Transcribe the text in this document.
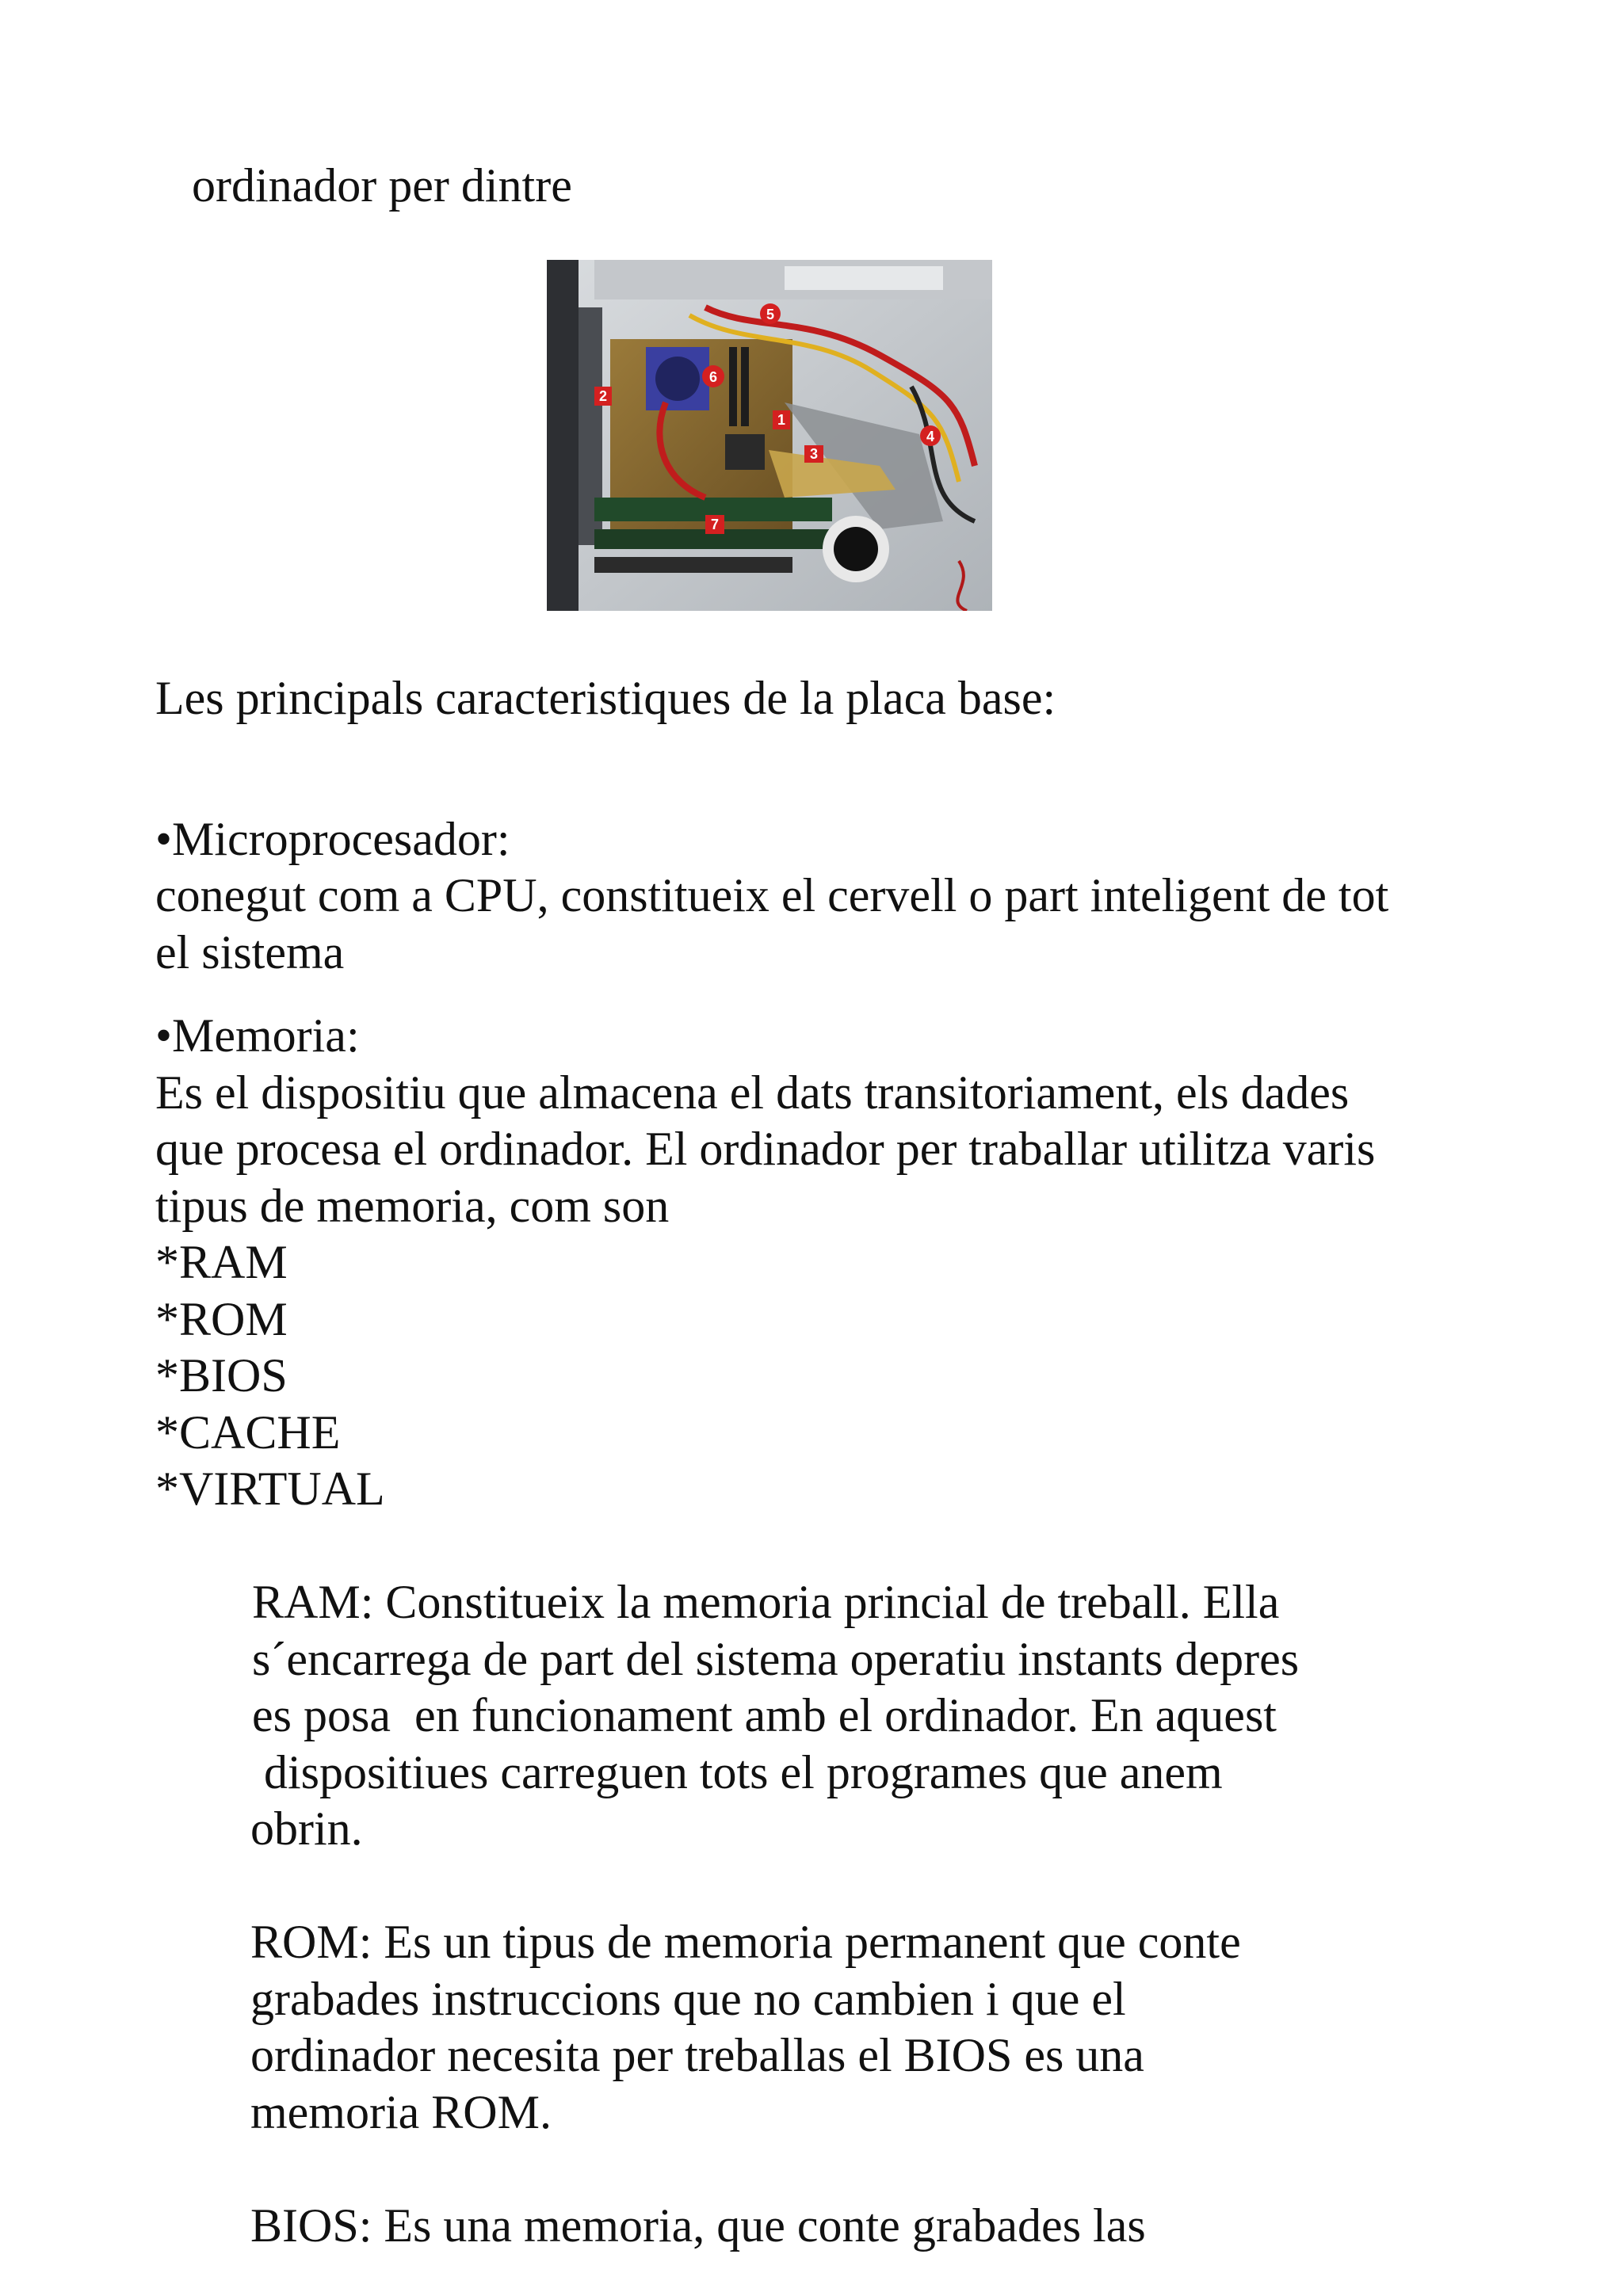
ordinador per dintre

1
2
3
4
5
6
7

Les principals caracteristiques de la placa base:

•Microprocesador:

conegut com a CPU, constitueix el cervell o part inteligent de tot

el sistema

•Memoria:

Es el dispositiu que almacena el dats transitoriament, els dades

que procesa el ordinador. El ordinador per traballar utilitza varis

tipus de memoria, com son

*RAM

*ROM

*BIOS

*CACHE

*VIRTUAL

RAM: Constitueix la memoria princial de treball. Ella

s´encarrega de part del sistema operatiu instants depres

es posa  en funcionament amb el ordinador. En aquest

dispositiues carreguen tots el programes que anem

obrin.

ROM: Es un tipus de memoria permanent que conte

grabades instruccions que no cambien i que el

ordinador necesita per treballas el BIOS es una

memoria ROM.

BIOS: Es una memoria, que conte grabades las
